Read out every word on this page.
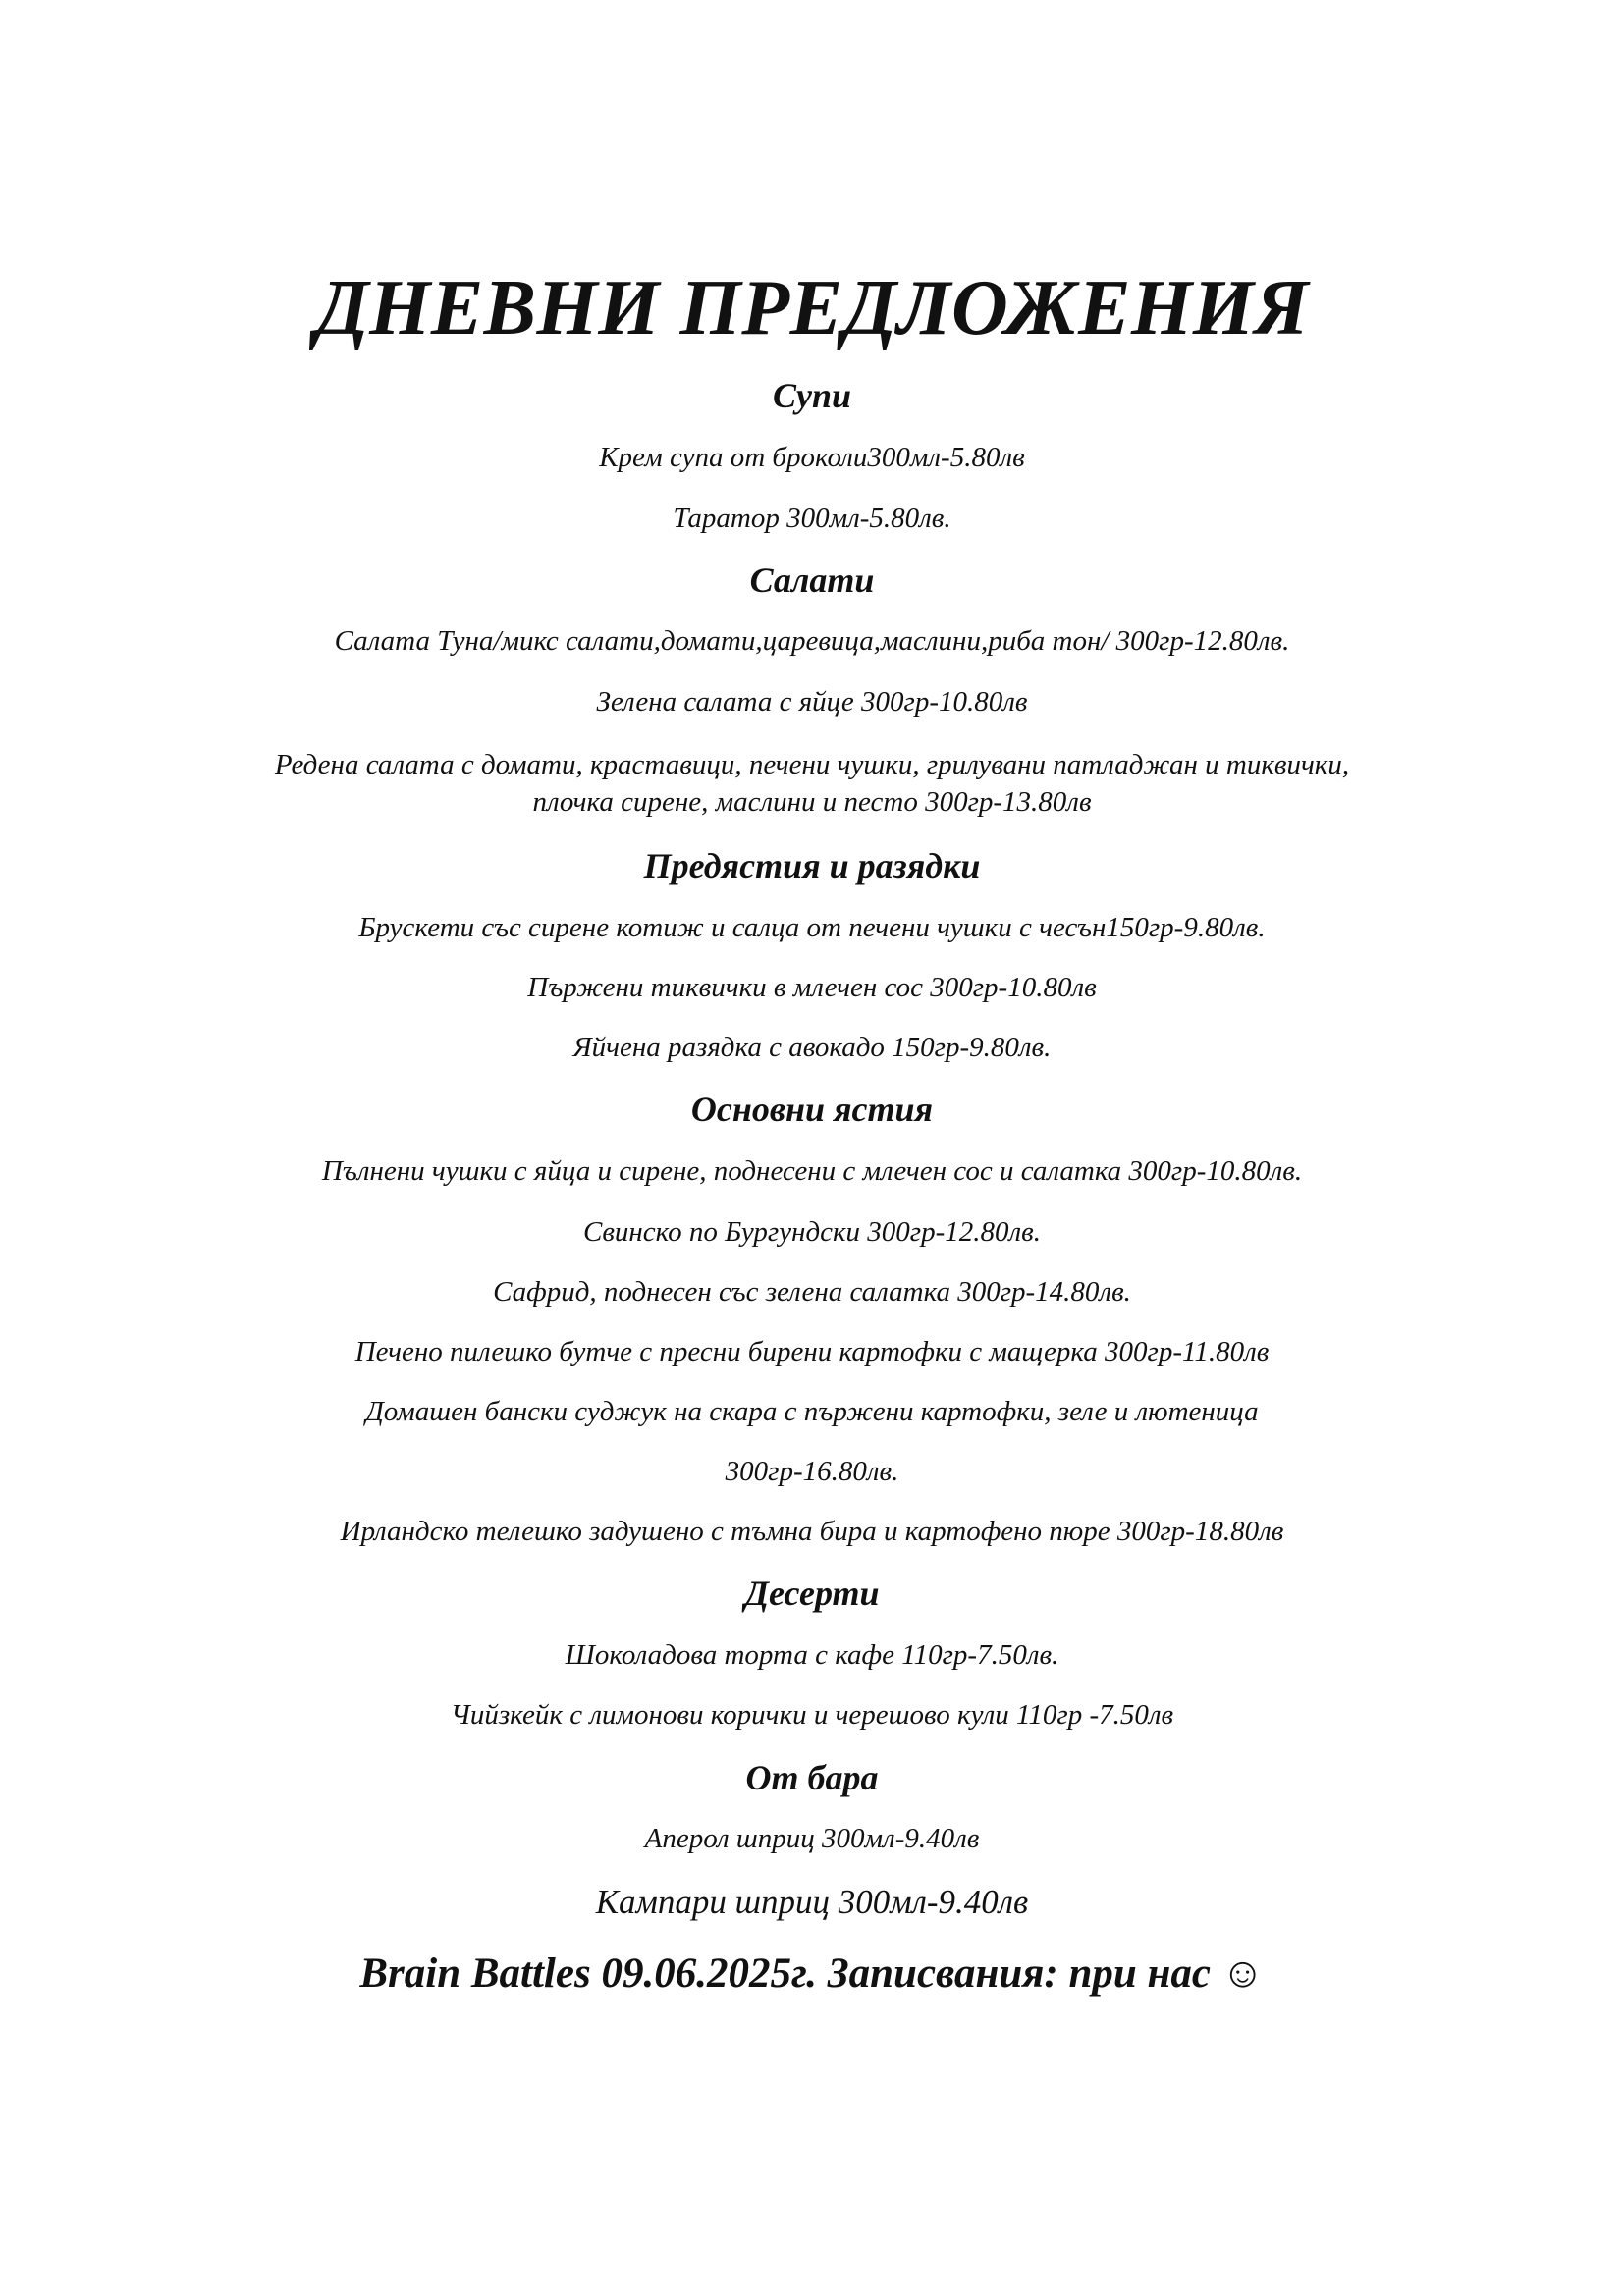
ДНЕВНИ ПРЕДЛОЖЕНИЯ
Супи
Крем супа от броколи300мл-5.80лв
Таратор 300мл-5.80лв.
Салати
Салата Туна/микс салати,домати,царевица,маслини,риба тон/ 300гр-12.80лв.
Зелена салата с яйце 300гр-10.80лв
Редена салата с домати, краставици, печени чушки, грилувани патладжан и тиквички, плочка сирене, маслини и песто 300гр-13.80лв
Предястия и разядки
Брускети със сирене котиж и салца от печени чушки с чесън150гр-9.80лв.
Пържени тиквички в млечен сос 300гр-10.80лв
Яйчена разядка с авокадо 150гр-9.80лв.
Основни ястия
Пълнени чушки с яйца и сирене, поднесени с млечен сос и салатка 300гр-10.80лв.
Свинско по Бургундски 300гр-12.80лв.
Сафрид, поднесен със зелена салатка 300гр-14.80лв.
Печено пилешко бутче с пресни бирени картофки с мащерка 300гр-11.80лв
Домашен бански суджук на скара с пържени картофки, зеле и лютеница
300гр-16.80лв.
Ирландско телешко задушено с тъмна бира и картофено пюре 300гр-18.80лв
Десерти
Шоколадова торта с кафе 110гр-7.50лв.
Чийзкейк с лимонови корички и черешово кули 110гр -7.50лв
От бара
Аперол шприц 300мл-9.40лв
Кампари шприц 300мл-9.40лв
Brain Battles 09.06.2025г. Записвания: при нас ☺
